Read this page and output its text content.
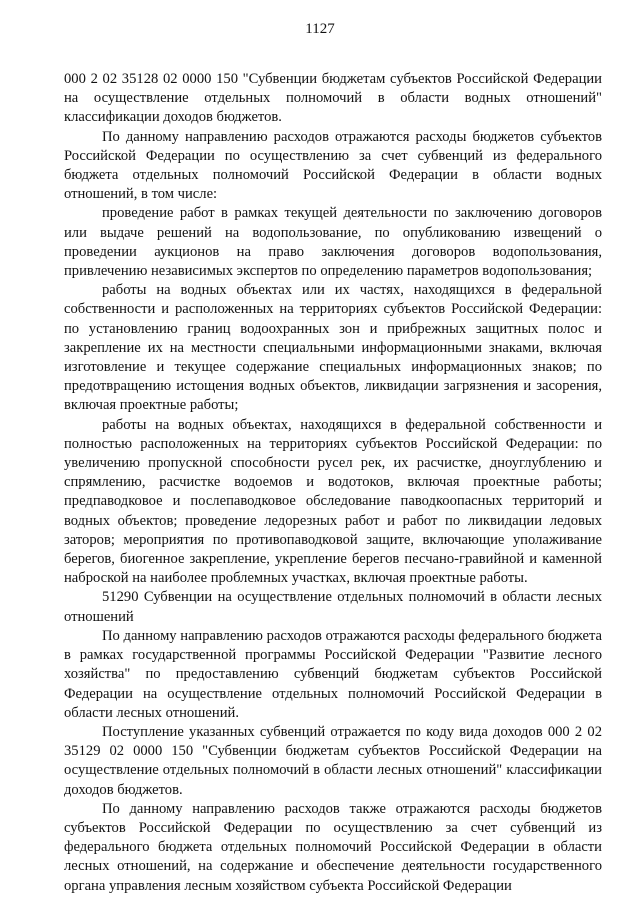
1127

000 2 02 35128 02 0000 150 "Субвенции бюджетам субъектов Российской Федерации на осуществление отдельных полномочий в области водных отношений" классификации доходов бюджетов.

По данному направлению расходов отражаются расходы бюджетов субъектов Российской Федерации по осуществлению за счет субвенций из федерального бюджета отдельных полномочий Российской Федерации в области водных отношений, в том числе:

проведение работ в рамках текущей деятельности по заключению договоров или выдаче решений на водопользование, по опубликованию извещений о проведении аукционов на право заключения договоров водопользования, привлечению независимых экспертов по определению параметров водопользования;

работы на водных объектах или их частях, находящихся в федеральной собственности и расположенных на территориях субъектов Российской Федерации: по установлению границ водоохранных зон и прибрежных защитных полос и закрепление их на местности специальными информационными знаками, включая изготовление и текущее содержание специальных информационных знаков; по предотвращению истощения водных объектов, ликвидации загрязнения и засорения, включая проектные работы;

работы на водных объектах, находящихся в федеральной собственности и полностью расположенных на территориях субъектов Российской Федерации: по увеличению пропускной способности русел рек, их расчистке, дноуглублению и спрямлению, расчистке водоемов и водотоков, включая проектные работы; предпаводковое и послепаводковое обследование паводкоопасных территорий и водных объектов; проведение ледорезных работ и работ по ликвидации ледовых заторов; мероприятия по противопаводковой защите, включающие уполаживание берегов, биогенное закрепление, укрепление берегов песчано-гравийной и каменной наброской на наиболее проблемных участках, включая проектные работы.

51290 Субвенции на осуществление отдельных полномочий в области лесных отношений

По данному направлению расходов отражаются расходы федерального бюджета в рамках государственной программы Российской Федерации "Развитие лесного хозяйства" по предоставлению субвенций бюджетам субъектов Российской Федерации на осуществление отдельных полномочий Российской Федерации в области лесных отношений.

Поступление указанных субвенций отражается по коду вида доходов 000 2 02 35129 02 0000 150 "Субвенции бюджетам субъектов Российской Федерации на осуществление отдельных полномочий в области лесных отношений" классификации доходов бюджетов.

По данному направлению расходов также отражаются расходы бюджетов субъектов Российской Федерации по осуществлению за счет субвенций из федерального бюджета отдельных полномочий Российской Федерации в области лесных отношений, на содержание и обеспечение деятельности государственного органа управления лесным хозяйством субъекта Российской Федерации
